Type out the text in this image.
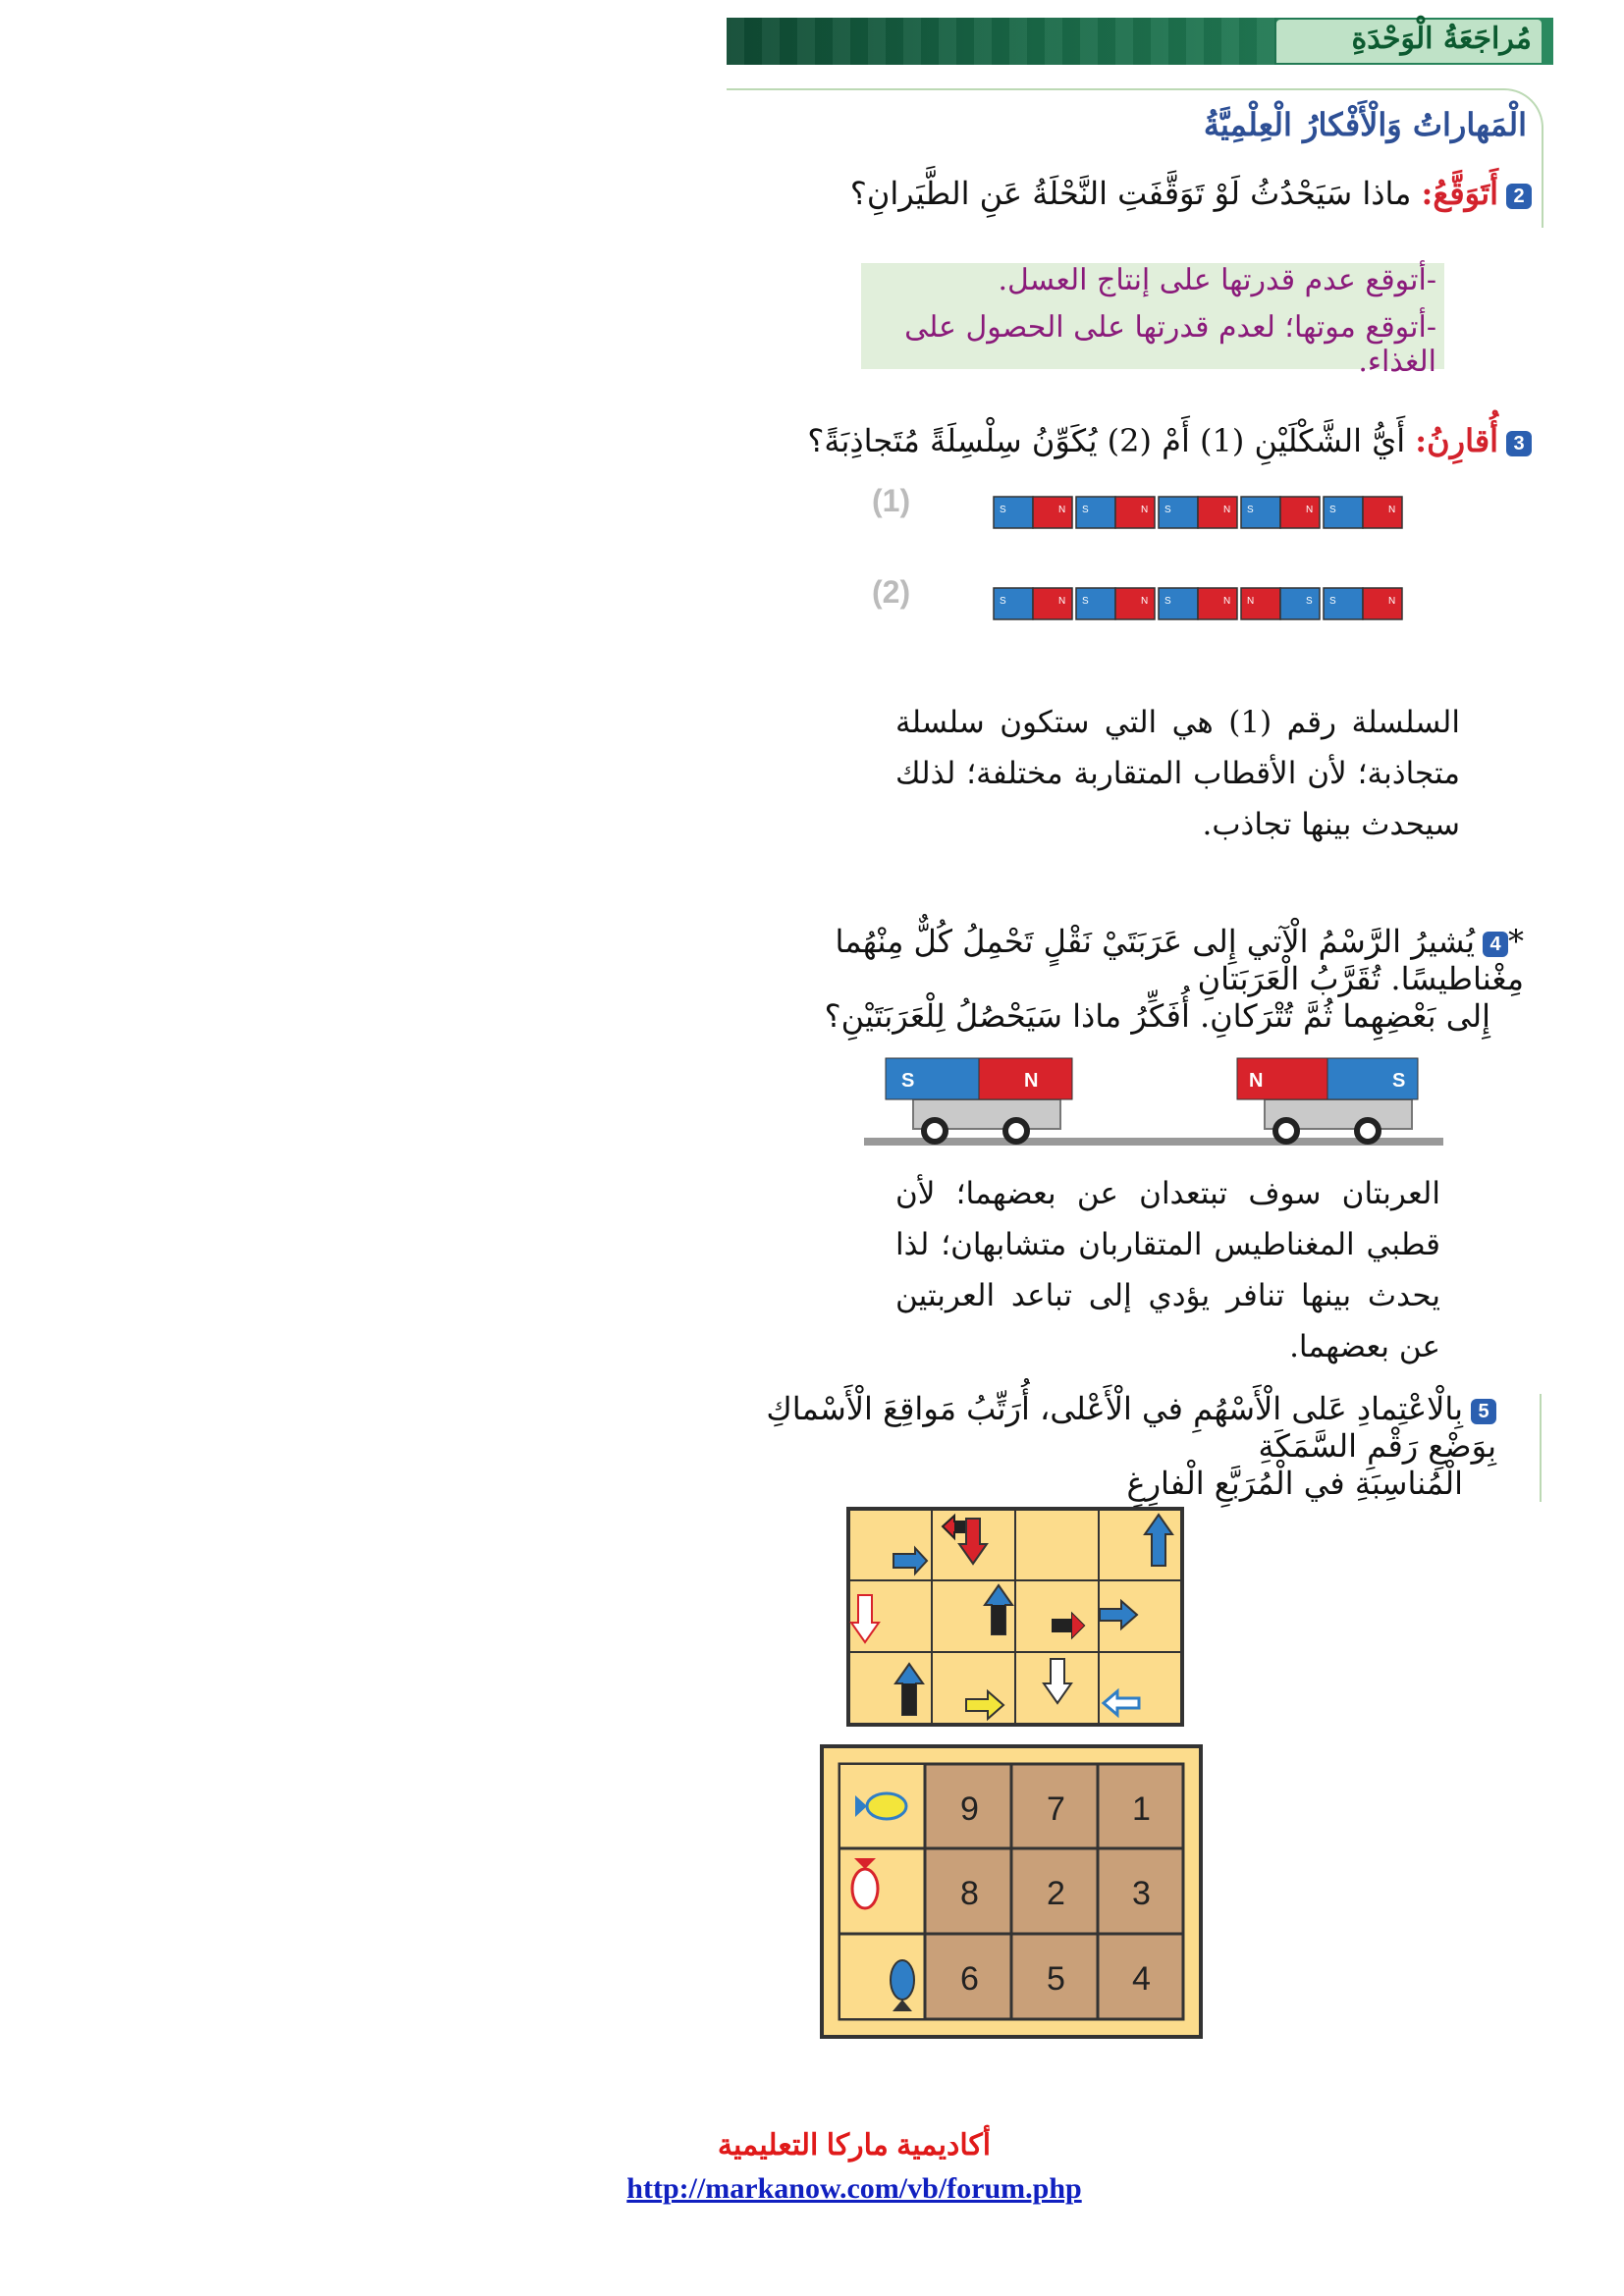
مُراجَعَةُ الْوَحْدَةِ
الْمَهاراتُ وَالْأَفْكارُ الْعِلْمِيَّةُ
2أَتَوَقَّعُ: ماذا سَيَحْدُثُ لَوْ تَوَقَّفَتِ النَّحْلَةُ عَنِ الطَّيَرانِ؟
-أتوقع عدم قدرتها على إنتاج العسل.
-أتوقع موتها؛ لعدم قدرتها على الحصول على الغذاء.
3أُقارِنُ: أَيُّ الشَّكْلَيْنِ (1) أَمْ (2) يُكَوِّنُ سِلْسِلَةً مُتَجاذِبَةً؟
(1)
(2)
S	N S	N S	N S	N S	N
S	N S	N S	N N	S S	N
السلسلة رقم (1) هي التي ستكون سلسلة متجاذبة؛ لأن الأقطاب المتقاربة مختلفة؛ لذلك سيحدث بينها تجاذب.
*4يُشيرُ الرَّسْمُ الْآتي إِلى عَرَبَتَيْ نَقْلٍ تَحْمِلُ كُلٌّ مِنْهُما مِغْناطيسًا. تُقَرَّبُ الْعَرَبَتانِ
إِلى بَعْضِهِما ثُمَّ تُتْرَكانِ. أُفَكِّرُ ماذا سَيَحْصُلُ لِلْعَرَبَتَيْنِ؟
S	N	N	S
العربتان سوف تبتعدان عن بعضهما؛ لأن قطبي المغناطيس المتقاربان متشابهان؛ لذا يحدث بينها تنافر يؤدي إلى تباعد العربتين عن بعضهما.
5بِالْاعْتِمادِ عَلى الْأَسْهُمِ في الْأَعْلى، أُرَتِّبُ مَواقِعَ الْأَسْماكِ بِوَضْعِ رَقْمِ السَّمَكَةِ
الْمُناسِبَةِ في الْمُرَبَّعِ الْفارِغِ
9 7 1
8 2 3
6 5 4
أكاديمية ماركا التعليمية
http://markanow.com/vb/forum.php
